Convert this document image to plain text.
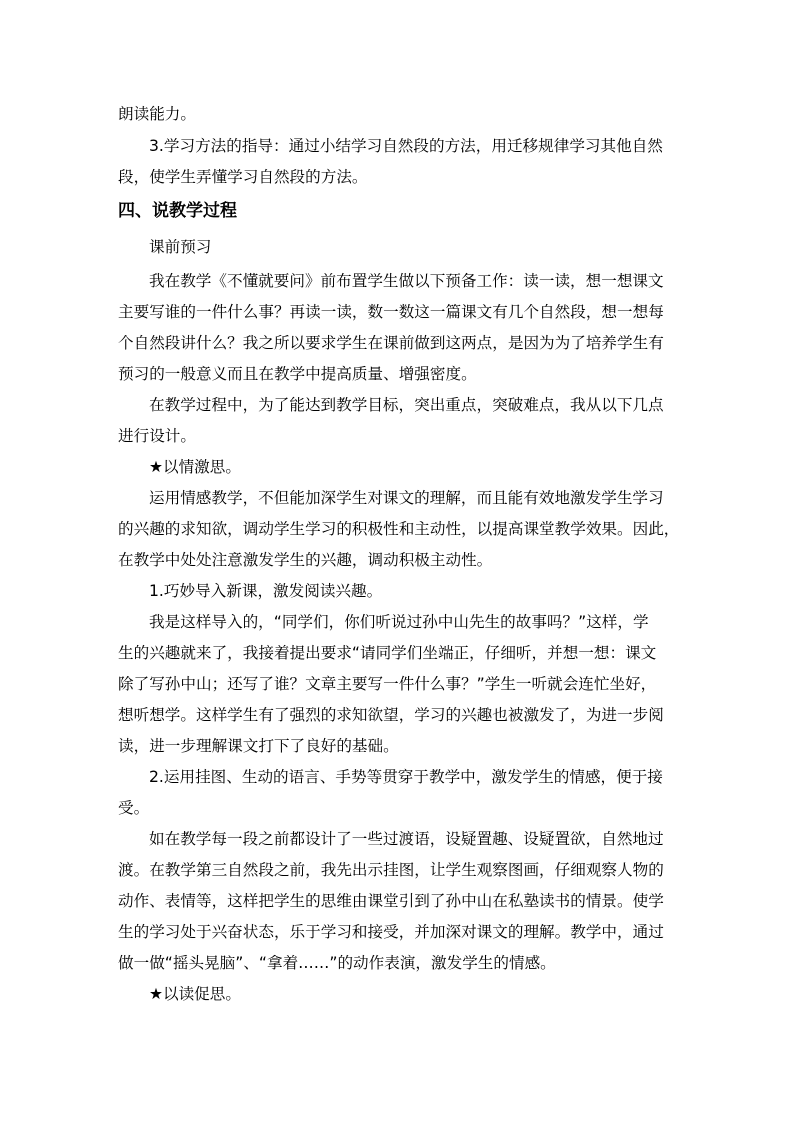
朗读能力。
3.学习方法的指导：通过小结学习自然段的方法，用迁移规律学习其他自然
段，使学生弄懂学习自然段的方法。
四、说教学过程
课前预习
我在教学《不懂就要问》前布置学生做以下预备工作：读一读，想一想课文
主要写谁的一件什么事？再读一读，数一数这一篇课文有几个自然段，想一想每
个自然段讲什么？我之所以要求学生在课前做到这两点，是因为为了培养学生有
预习的一般意义而且在教学中提高质量、增强密度。
在教学过程中，为了能达到教学目标，突出重点，突破难点，我从以下几点
进行设计。
★以情激思。
运用情感教学，不但能加深学生对课文的理解，而且能有效地激发学生学习
的兴趣的求知欲，调动学生学习的积极性和主动性，以提高课堂教学效果。因此，
在教学中处处注意激发学生的兴趣，调动积极主动性。
1.巧妙导入新课，激发阅读兴趣。
我是这样导入的，“同学们，你们听说过孙中山先生的故事吗？”这样，学
生的兴趣就来了，我接着提出要求“请同学们坐端正，仔细听，并想一想：课文
除了写孙中山；还写了谁？文章主要写一件什么事？”学生一听就会连忙坐好，
想听想学。这样学生有了强烈的求知欲望，学习的兴趣也被激发了，为进一步阅
读，进一步理解课文打下了良好的基础。
2.运用挂图、生动的语言、手势等贯穿于教学中，激发学生的情感，便于接
受。
如在教学每一段之前都设计了一些过渡语，设疑置趣、设疑置欲，自然地过
渡。在教学第三自然段之前，我先出示挂图，让学生观察图画，仔细观察人物的
动作、表情等，这样把学生的思维由课堂引到了孙中山在私塾读书的情景。使学
生的学习处于兴奋状态，乐于学习和接受，并加深对课文的理解。教学中，通过
做一做“摇头晃脑”、“拿着……”的动作表演，激发学生的情感。
★以读促思。
